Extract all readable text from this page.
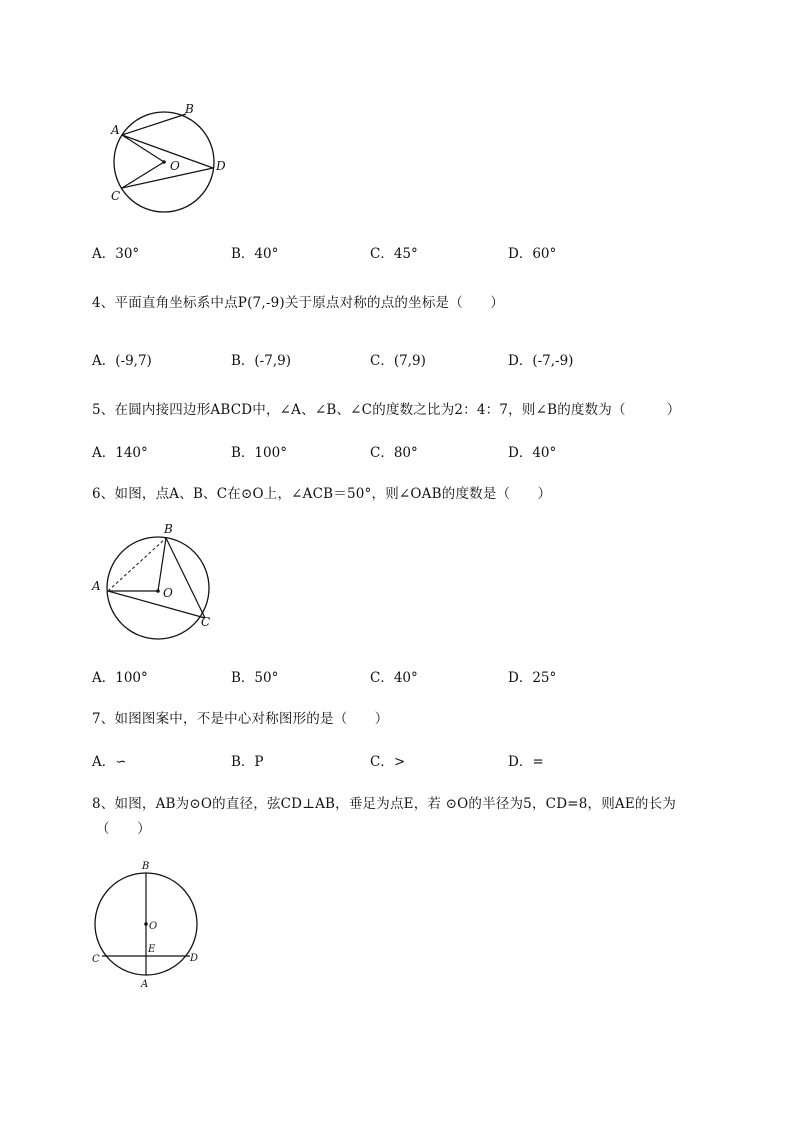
A
B
C
D
O
A．30°	B．40°	C．45°	D．60°
4、平面直角坐标系中点P(7,-9)关于原点对称的点的坐标是（　　）
A．(-9,7)	B．(-7,9)	C．(7,9)	D．(-7,-9)
5、在圆内接四边形ABCD中，∠A、∠B、∠C的度数之比为2：4：7，则∠B的度数为（　　　）
A．140°	B．100°	C．80°	D．40°
6、如图，点A、B、C在⊙O上，∠ACB＝50°，则∠OAB的度数是（　　）
A
B
C
O
A．100°	B．50°	C．40°	D．25°
7、如图图案中，不是中心对称图形的是（　　）
A．∽	B．P	C．>	D．=
8、如图，AB为⊙O的直径，弦CD⊥AB，垂足为点E，若 ⊙O的半径为5，CD=8，则AE的长为
（　　）
B
O
E
C	D
A
